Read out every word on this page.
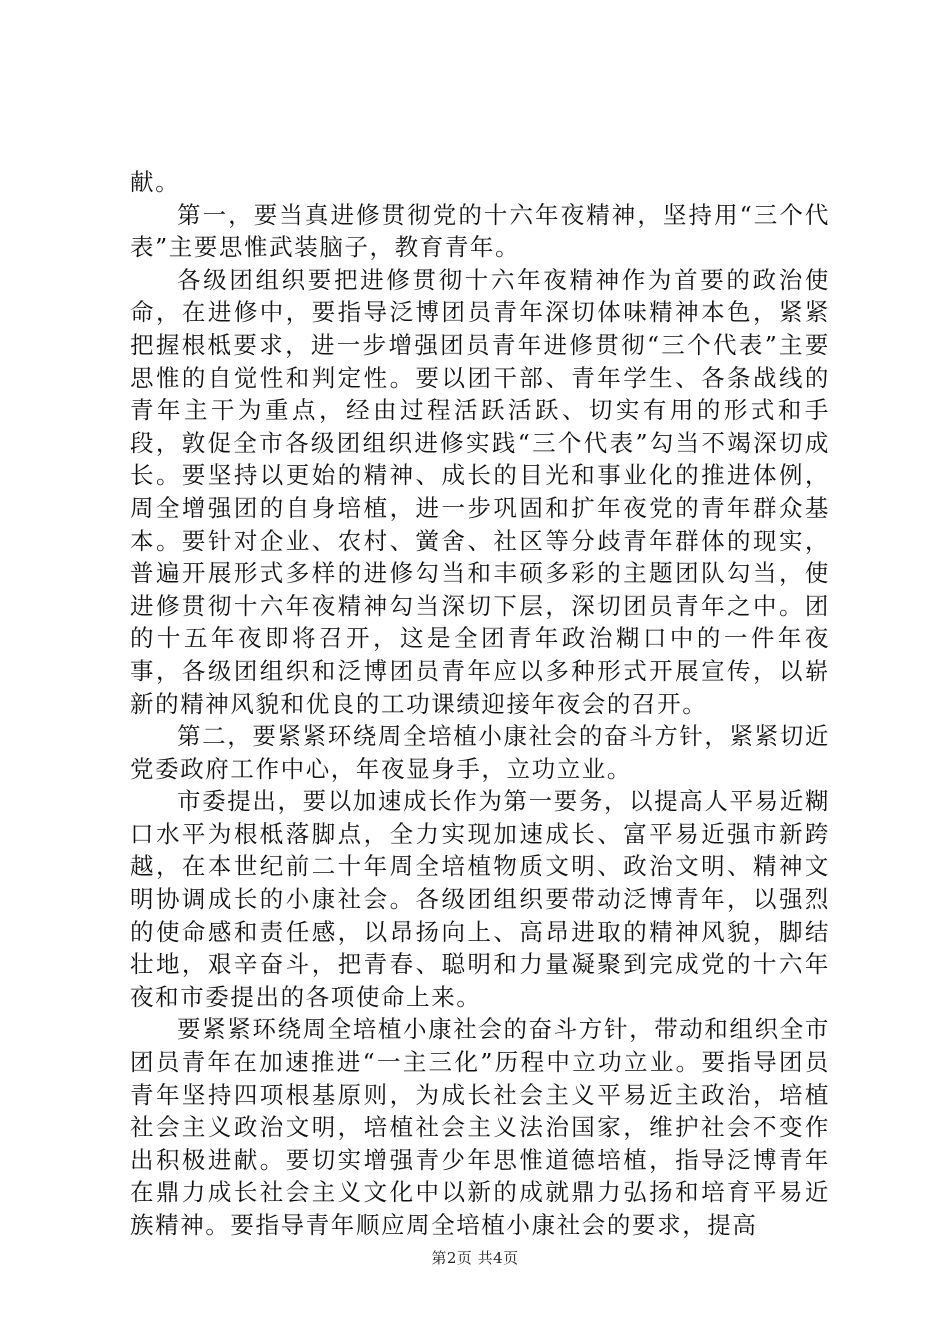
献。

第一，要当真进修贯彻党的十六年夜精神，坚持用“三个代表”主要思惟武装脑子，教育青年。

各级团组织要把进修贯彻十六年夜精神作为首要的政治使命，在进修中，要指导泛博团员青年深切体味精神本色，紧紧把握根柢要求，进一步增强团员青年进修贯彻“三个代表”主要思惟的自觉性和判定性。要以团干部、青年学生、各条战线的青年主干为重点，经由过程活跃活跃、切实有用的形式和手段，敦促全市各级团组织进修实践“三个代表”勾当不竭深切成长。要坚持以更始的精神、成长的目光和事业化的推进体例，周全增强团的自身培植，进一步巩固和扩年夜党的青年群众基本。要针对企业、农村、黉舍、社区等分歧青年群体的现实，普遍开展形式多样的进修勾当和丰硕多彩的主题团队勾当，使进修贯彻十六年夜精神勾当深切下层，深切团员青年之中。团的十五年夜即将召开，这是全团青年政治糊口中的一件年夜事，各级团组织和泛博团员青年应以多种形式开展宣传，以崭新的精神风貌和优良的工功课绩迎接年夜会的召开。

第二，要紧紧环绕周全培植小康社会的奋斗方针，紧紧切近党委政府工作中心，年夜显身手，立功立业。

市委提出，要以加速成长作为第一要务，以提高人平易近糊口水平为根柢落脚点，全力实现加速成长、富平易近强市新跨越，在本世纪前二十年周全培植物质文明、政治文明、精神文明协调成长的小康社会。各级团组织要带动泛博青年，以强烈的使命感和责任感，以昂扬向上、高昂进取的精神风貌，脚结壮地，艰辛奋斗，把青春、聪明和力量凝聚到完成党的十六年夜和市委提出的各项使命上来。

要紧紧环绕周全培植小康社会的奋斗方针，带动和组织全市团员青年在加速推进“一主三化”历程中立功立业。要指导团员青年坚持四项根基原则，为成长社会主义平易近主政治，培植社会主义政治文明，培植社会主义法治国家，维护社会不变作出积极进献。要切实增强青少年思惟道德培植，指导泛博青年在鼎力成长社会主义文化中以新的成就鼎力弘扬和培育平易近族精神。要指导青年顺应周全培植小康社会的要求，提高

第2页 共4页
